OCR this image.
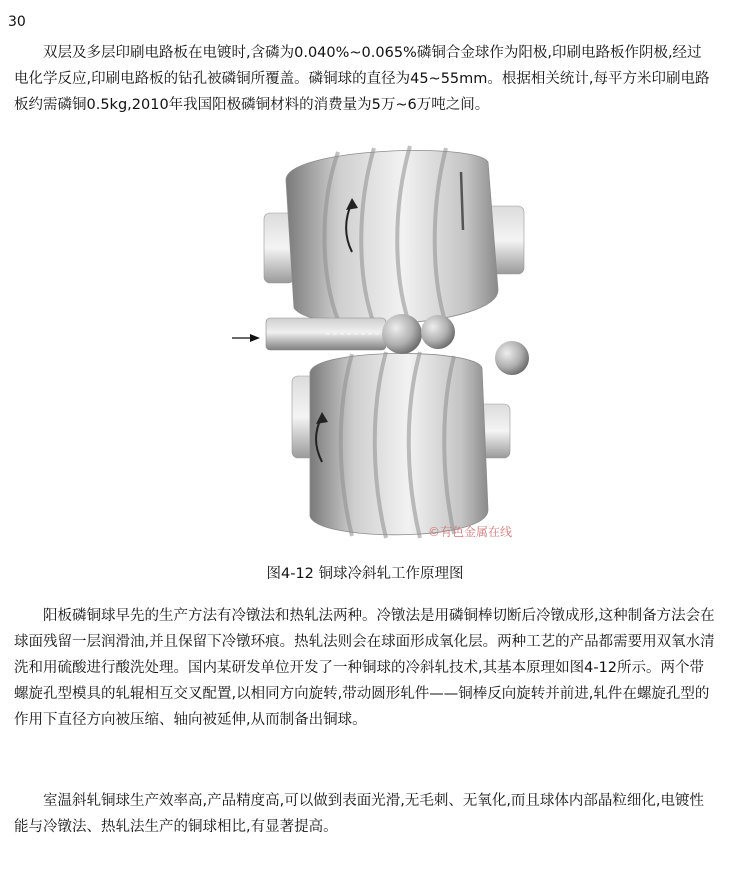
30

　　双层及多层印刷电路板在电镀时,含磷为0.040%~0.065%磷铜合金球作为阳极,印刷电路板作阴极,经过电化学反应,印刷电路板的钻孔被磷铜所覆盖。磷铜球的直径为45~55mm。根据相关统计,每平方米印刷电路板约需磷铜0.5kg,2010年我国阳极磷铜材料的消费量为5万~6万吨之间。

©有色金属在线
图4-12 铜球冷斜轧工作原理图

　　阳板磷铜球早先的生产方法有冷镦法和热轧法两种。冷镦法是用磷铜棒切断后冷镦成形,这种制备方法会在球面残留一层润滑油,并且保留下冷镦环痕。热轧法则会在球面形成氧化层。两种工艺的产品都需要用双氧水清洗和用硫酸进行酸洗处理。国内某研发单位开发了一种铜球的冷斜轧技术,其基本原理如图4-12所示。两个带螺旋孔型模具的轧辊相互交叉配置,以相同方向旋转,带动圆形轧件——铜棒反向旋转并前进,轧件在螺旋孔型的作用下直径方向被压缩、轴向被延伸,从而制备出铜球。

　　室温斜轧铜球生产效率高,产品精度高,可以做到表面光滑,无毛刺、无氧化,而且球体内部晶粒细化,电镀性能与冷镦法、热轧法生产的铜球相比,有显著提高。
